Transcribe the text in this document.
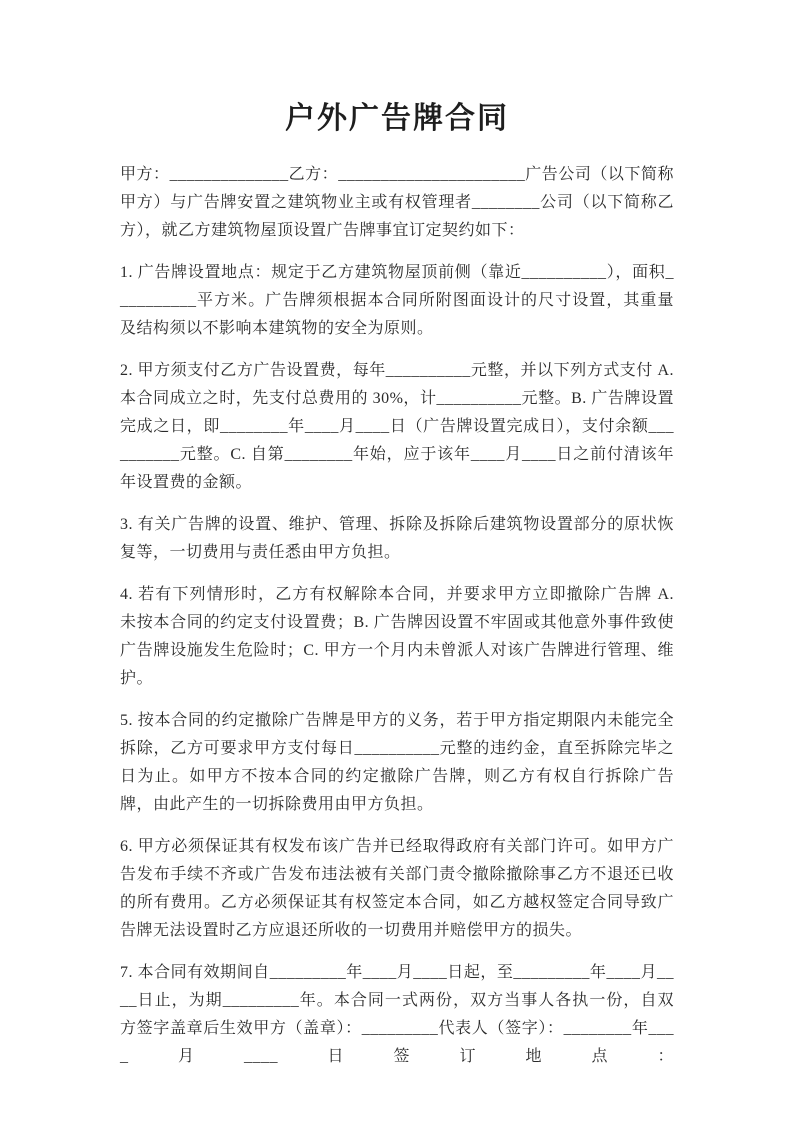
户外广告牌合同

甲方：______________乙方：______________________广告公司（以下简称甲方）与广告牌安置之建筑物业主或有权管理者________公司（以下简称乙方），就乙方建筑物屋顶设置广告牌事宜订定契约如下：

1. 广告牌设置地点：规定于乙方建筑物屋顶前侧（靠近__________），面积__________平方米。广告牌须根据本合同所附图面设计的尺寸设置，其重量及结构须以不影响本建筑物的安全为原则。

2. 甲方须支付乙方广告设置费，每年__________元整，并以下列方式支付 A. 本合同成立之时，先支付总费用的 30%，计__________元整。B. 广告牌设置完成之日，即________年____月____日（广告牌设置完成日），支付余额__________元整。C. 自第________年始，应于该年____月____日之前付清该年年设置费的金额。

3. 有关广告牌的设置、维护、管理、拆除及拆除后建筑物设置部分的原状恢复等，一切费用与责任悉由甲方负担。

4. 若有下列情形时，乙方有权解除本合同，并要求甲方立即撤除广告牌 A. 未按本合同的约定支付设置费；B. 广告牌因设置不牢固或其他意外事件致使广告牌设施发生危险时；C. 甲方一个月内未曾派人对该广告牌进行管理、维护。

5. 按本合同的约定撤除广告牌是甲方的义务，若于甲方指定期限内未能完全拆除，乙方可要求甲方支付每日__________元整的违约金，直至拆除完毕之日为止。如甲方不按本合同的约定撤除广告牌，则乙方有权自行拆除广告牌，由此产生的一切拆除费用由甲方负担。

6. 甲方必须保证其有权发布该广告并已经取得政府有关部门许可。如甲方广告发布手续不齐或广告发布违法被有关部门责令撤除撤除事乙方不退还已收的所有费用。乙方必须保证其有权签定本合同，如乙方越权签定合同导致广告牌无法设置时乙方应退还所收的一切费用并赔偿甲方的损失。

7. 本合同有效期间自_________年____月____日起，至_________年____月____日止，为期_________年。本合同一式两份，双方当事人各执一份，自双方签字盖章后生效甲方（盖章）：_________代表人（签字）：________年____月____日签订地点：
